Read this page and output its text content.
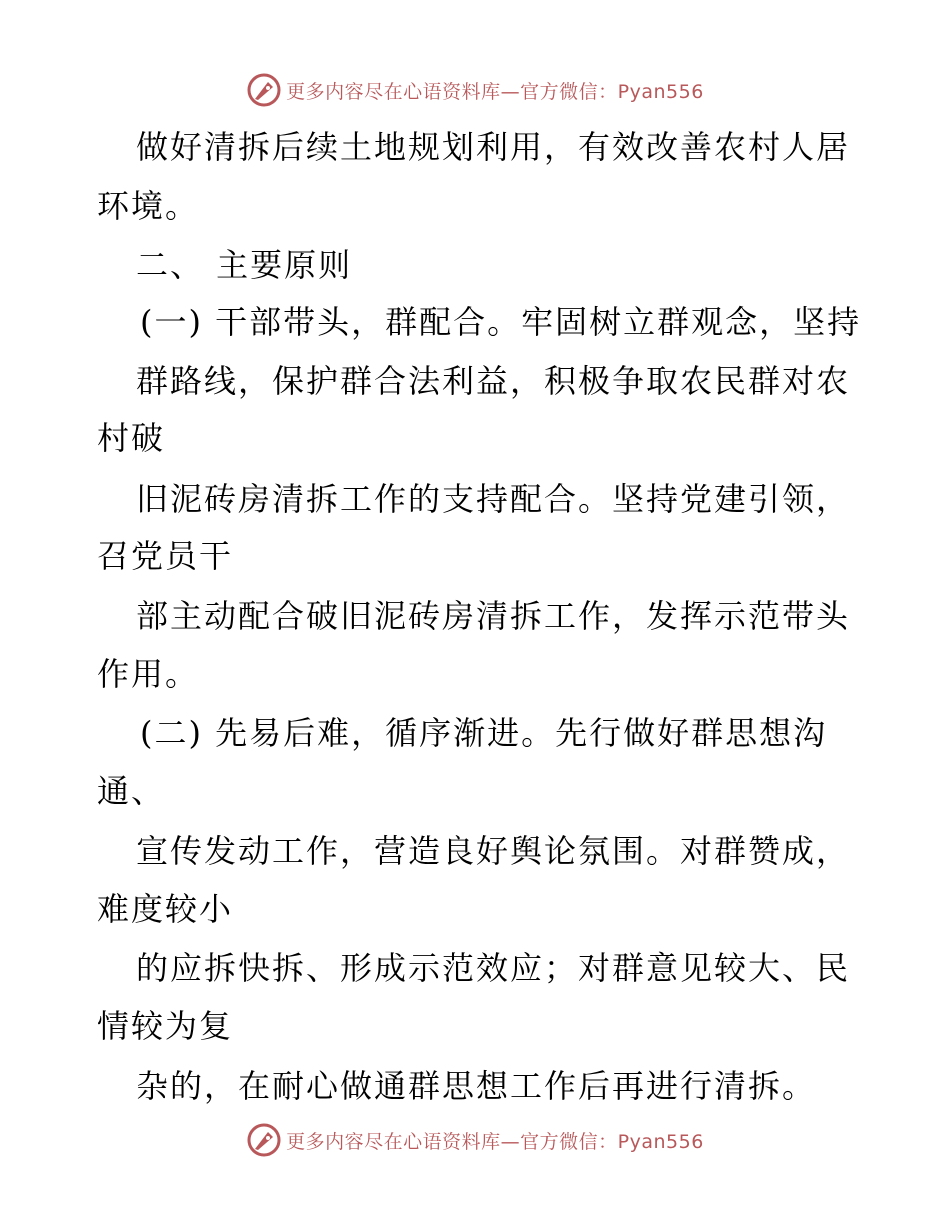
更多内容尽在心语资料库—官方微信：Pyan556
做好清拆后续土地规划利用，有效改善农村人居
环境。
二、 主要原则
(一) 干部带头，群配合。牢固树立群观念，坚持
群路线，保护群合法利益，积极争取农民群对农
村破
旧泥砖房清拆工作的支持配合。坚持党建引领，
召党员干
部主动配合破旧泥砖房清拆工作，发挥示范带头
作用。
(二) 先易后难，循序渐进。先行做好群思想沟
通、
宣传发动工作，营造良好舆论氛围。对群赞成，
难度较小
的应拆快拆、形成示范效应；对群意见较大、民
情较为复
杂的，在耐心做通群思想工作后再进行清拆。
更多内容尽在心语资料库—官方微信：Pyan556
